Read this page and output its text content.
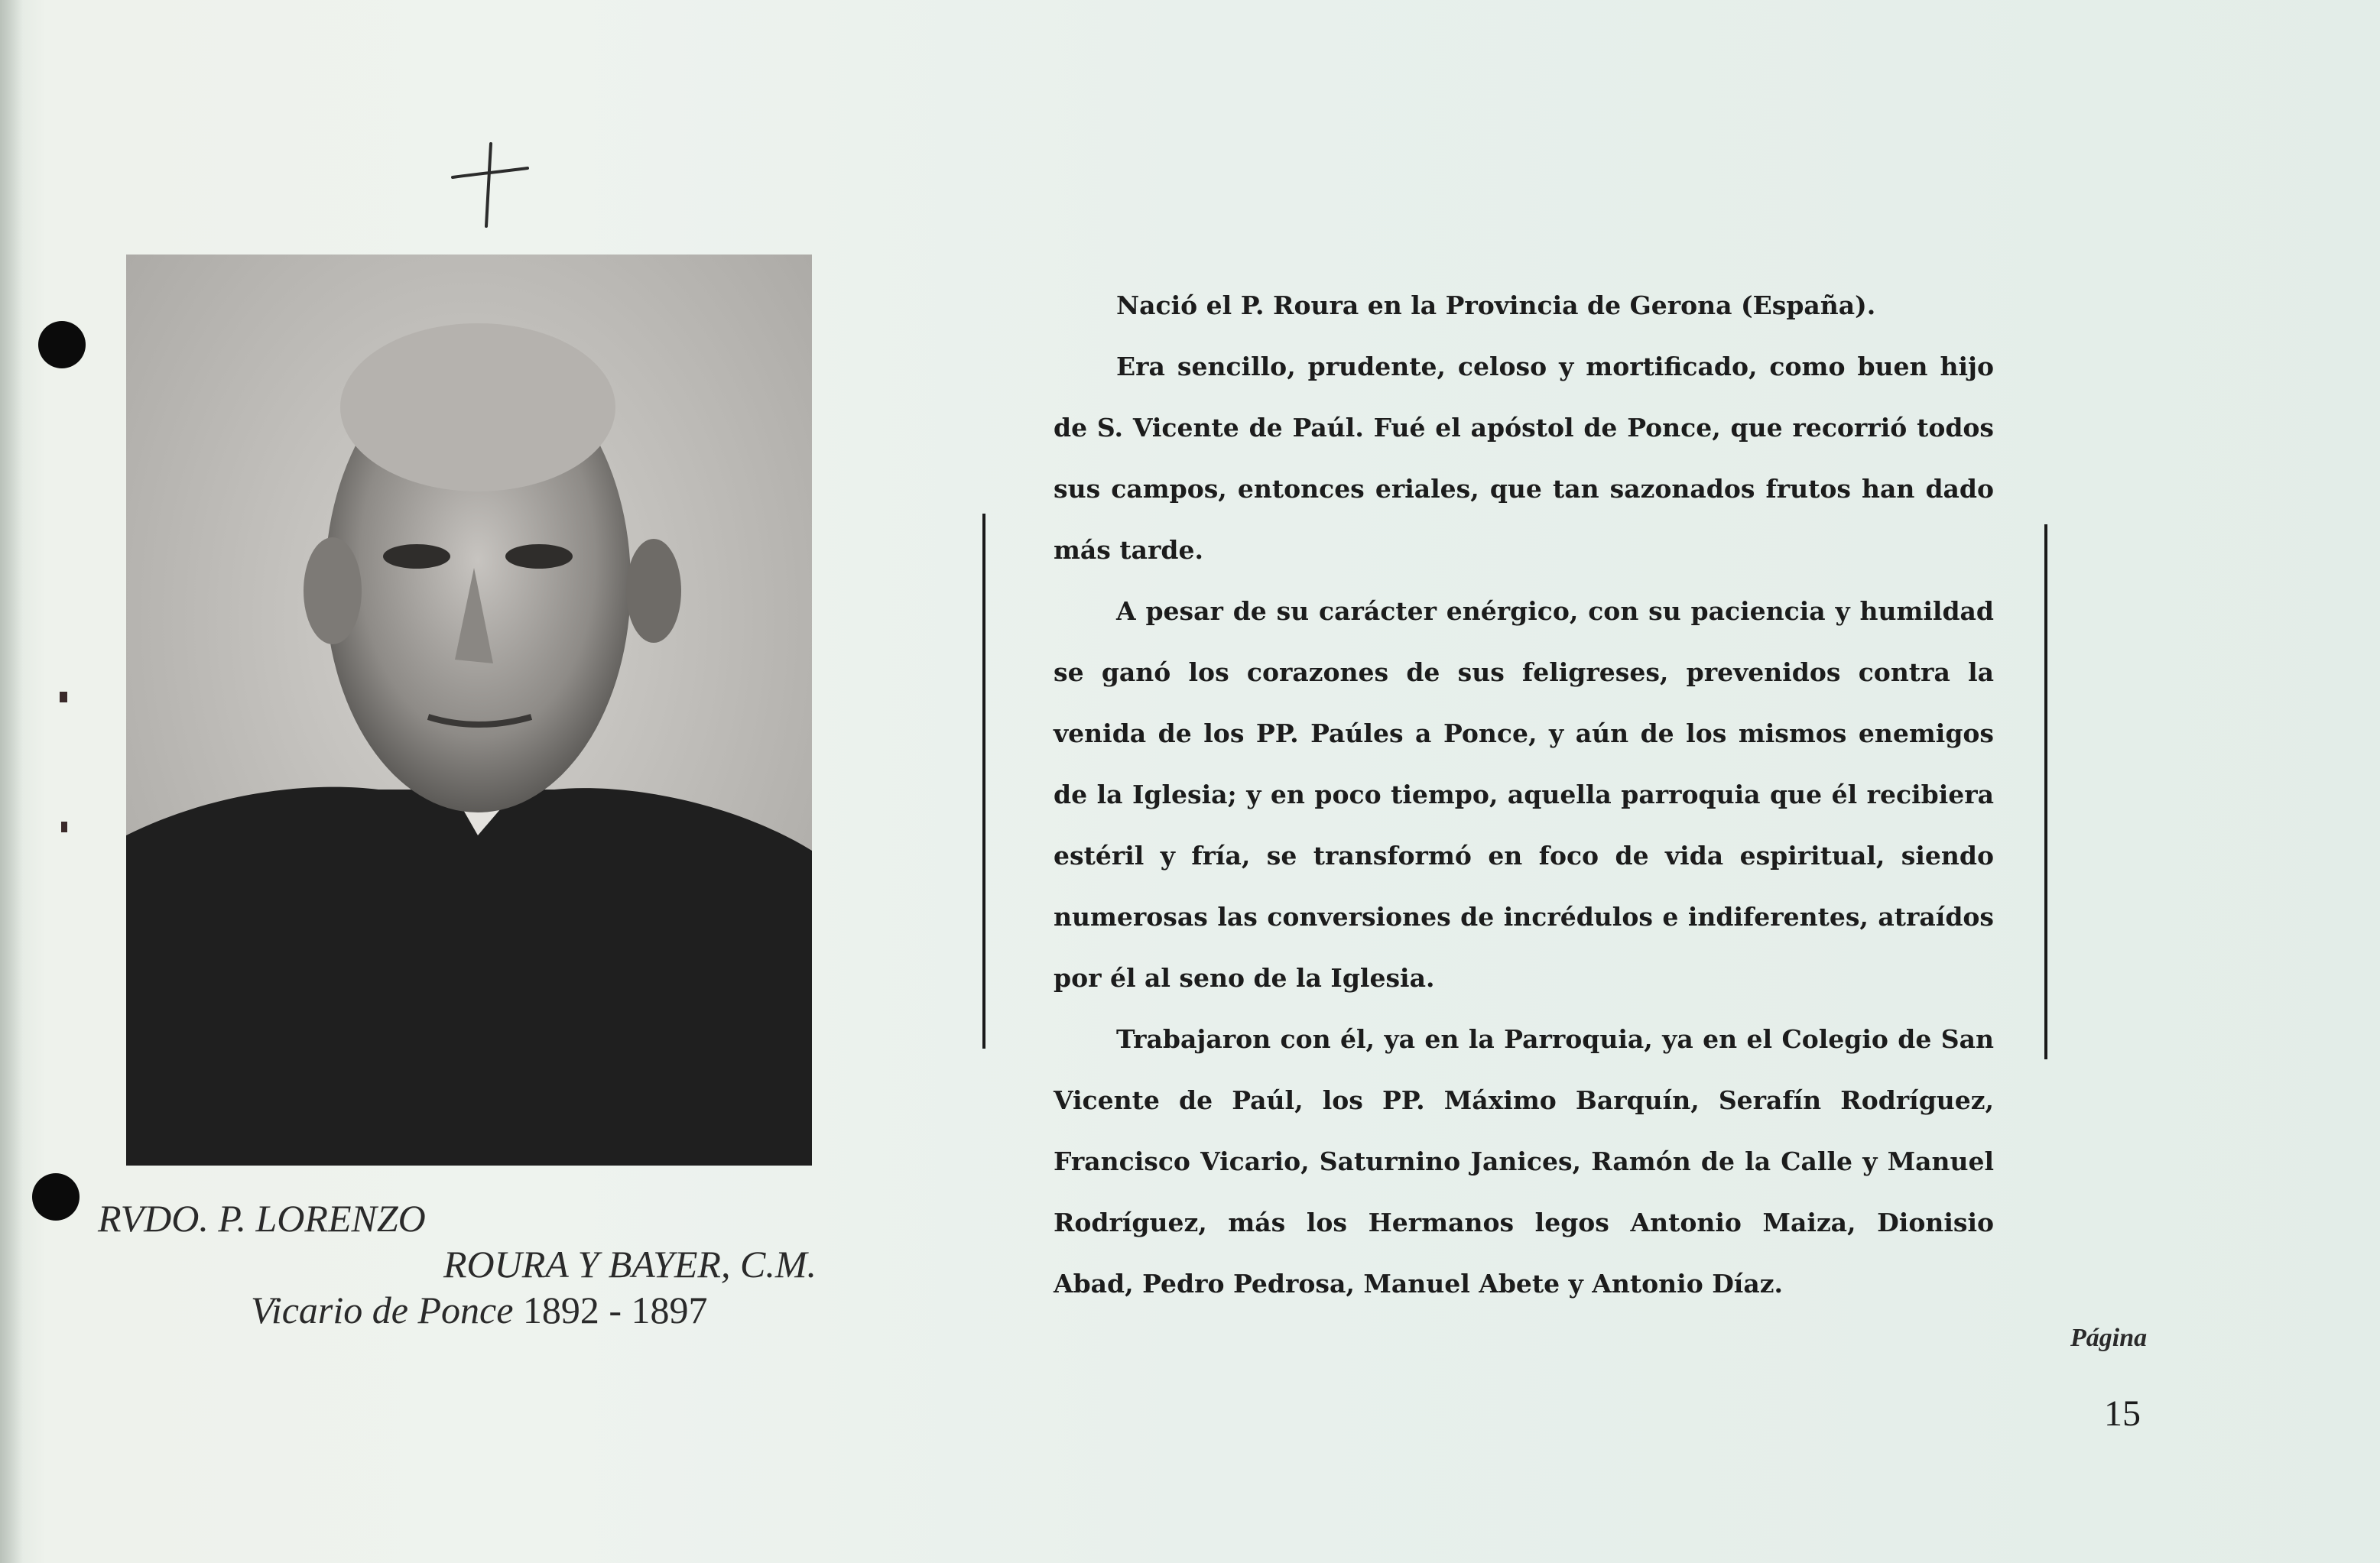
RVDO. P. LORENZO
ROURA Y BAYER, C.M.
Vicario de Ponce 1892 - 1897

Nació el P. Roura en la Provincia de Gerona (España).

Era sencillo, prudente, celoso y mortificado, como buen hijo de S. Vicente de Paúl. Fué el apóstol de Ponce, que recorrió todos sus campos, entonces eriales, que tan sazonados frutos han dado más tarde.

A pesar de su carácter enérgico, con su paciencia y humildad se ganó los corazones de sus feligreses, prevenidos contra la venida de los PP. Paúles a Ponce, y aún de los mismos enemigos de la Iglesia; y en poco tiempo, aquella parroquia que él recibiera estéril y fría, se transformó en foco de vida espiritual, siendo numerosas las conversiones de incrédulos e indiferentes, atraídos por él al seno de la Iglesia.

Trabajaron con él, ya en la Parroquia, ya en el Colegio de San Vicente de Paúl, los PP. Máximo Barquín, Serafín Rodríguez, Francisco Vicario, Saturnino Janices, Ramón de la Calle y Manuel Rodríguez, más los Hermanos legos Antonio Maiza, Dionisio Abad, Pedro Pedrosa, Manuel Abete y Antonio Díaz.

Página
15
